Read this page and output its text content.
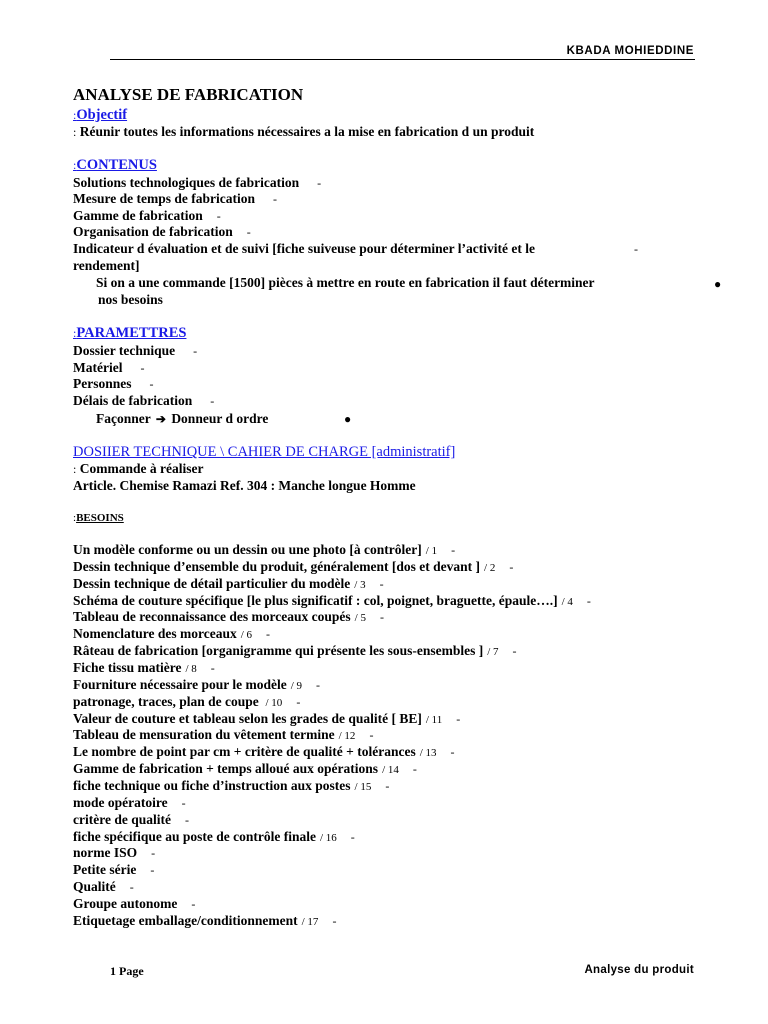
KBADA MOHIEDDINE
ANALYSE DE FABRICATION
:Objectif
: Réunir toutes les informations nécessaires a la mise en fabrication d un produit
:CONTENUS
Solutions technologiques de fabrication -
Mesure de temps de fabrication -
Gamme de fabrication -
Organisation de fabrication -
Indicateur d évaluation et de suivi [fiche suiveuse pour déterminer l’activité et le	-
rendement]
Si on a une commande [1500] pièces à mettre en route en fabrication il faut déterminer	●
nos besoins
:PARAMETTRES
Dossier technique -
Matériel -
Personnes -
Délais de fabrication -
Façonner ➔ Donneur d ordre	●
DOSIIER TECHNIQUE \ CAHIER DE CHARGE [administratif]
: Commande à réaliser
Article. Chemise Ramazi Ref. 304 : Manche longue Homme
:BESOINS
Un modèle conforme ou un dessin ou une photo [à contrôler] / 1 -
Dessin technique d’ensemble du produit, généralement [dos et devant ] / 2 -
Dessin technique de détail particulier du modèle / 3 -
Schéma de couture spécifique [le plus significatif : col, poignet, braguette, épaule….] / 4 -
Tableau de reconnaissance des morceaux coupés / 5 -
Nomenclature des morceaux / 6 -
Râteau de fabrication [organigramme qui présente les sous-ensembles ] / 7 -
Fiche tissu matière / 8 -
Fourniture nécessaire pour le modèle / 9 -
patronage, traces, plan de coupe / 10 -
Valeur de couture et tableau selon les grades de qualité [ BE] / 11 -
Tableau de mensuration du vêtement termine / 12 -
Le nombre de point par cm + critère de qualité + tolérances / 13 -
Gamme de fabrication + temps alloué aux opérations / 14 -
fiche technique ou fiche d’instruction aux postes / 15 -
mode opératoire -
critère de qualité -
fiche spécifique au poste de contrôle finale / 16 -
norme ISO -
Petite série -
Qualité -
Groupe autonome -
Etiquetage emballage/conditionnement / 17 -
1 Page	Analyse du produit
